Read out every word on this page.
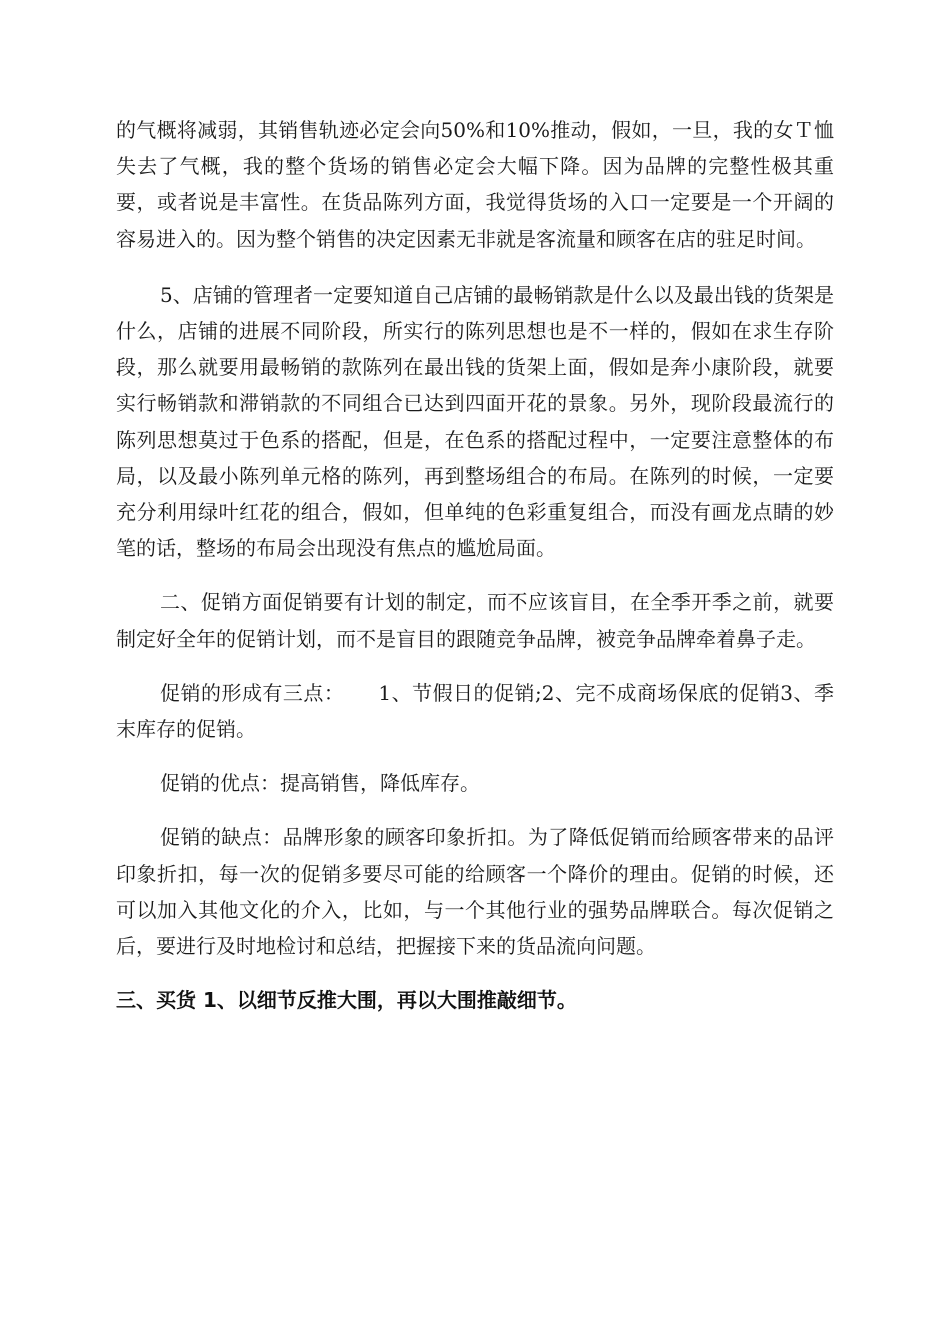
的气概将减弱，其销售轨迹必定会向50%和10%推动，假如，一旦，我的女Ｔ恤失去了气概，我的整个货场的销售必定会大幅下降。因为品牌的完整性极其重要，或者说是丰富性。在货品陈列方面，我觉得货场的入口一定要是一个开阔的容易进入的。因为整个销售的决定因素无非就是客流量和顾客在店的驻足时间。

5、店铺的管理者一定要知道自己店铺的最畅销款是什么以及最出钱的货架是什么，店铺的进展不同阶段，所实行的陈列思想也是不一样的，假如在求生存阶段，那么就要用最畅销的款陈列在最出钱的货架上面，假如是奔小康阶段，就要实行畅销款和滞销款的不同组合已达到四面开花的景象。另外，现阶段最流行的陈列思想莫过于色系的搭配，但是，在色系的搭配过程中，一定要注意整体的布局，以及最小陈列单元格的陈列，再到整场组合的布局。在陈列的时候，一定要充分利用绿叶红花的组合，假如，但单纯的色彩重复组合，而没有画龙点睛的妙笔的话，整场的布局会出现没有焦点的尴尬局面。

二、促销方面促销要有计划的制定，而不应该盲目，在全季开季之前，就要制定好全年的促销计划，而不是盲目的跟随竞争品牌，被竞争品牌牵着鼻子走。

促销的形成有三点： 1、节假日的促销;2、完不成商场保底的促销3、季末库存的促销。

促销的优点：提高销售，降低库存。

促销的缺点：品牌形象的顾客印象折扣。为了降低促销而给顾客带来的品评印象折扣，每一次的促销多要尽可能的给顾客一个降价的理由。促销的时候，还可以加入其他文化的介入，比如，与一个其他行业的强势品牌联合。每次促销之后，要进行及时地检讨和总结，把握接下来的货品流向问题。

三、买货 1、以细节反推大围，再以大围推敲细节。
